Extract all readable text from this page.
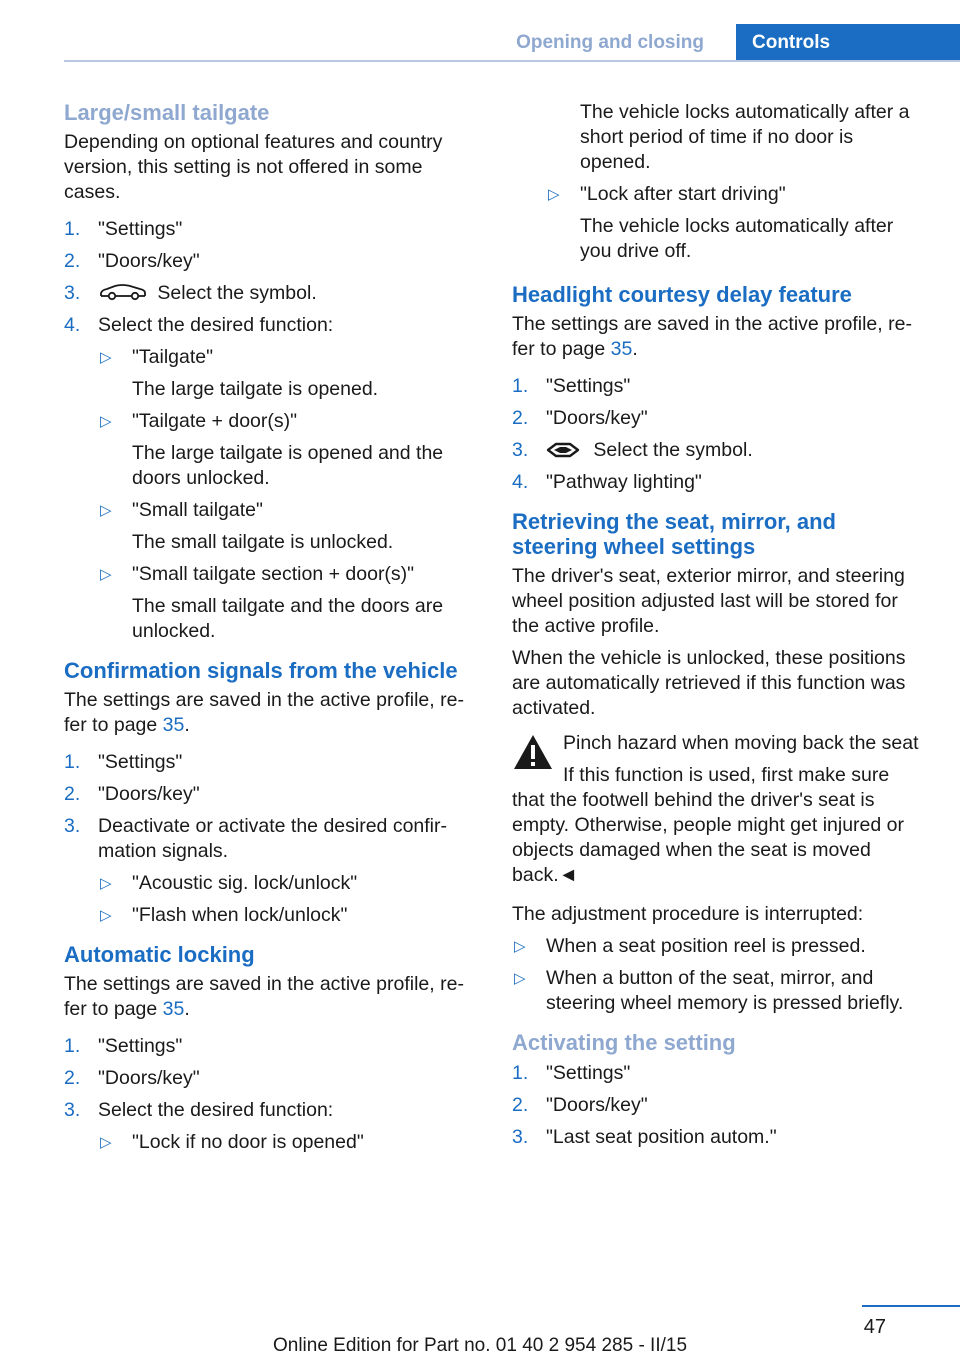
Opening and closing	Controls
Large/small tailgate

Depending on optional features and country version, this setting is not offered in some cases.

1. "Settings"
2. "Doors/key"
3.	Select the symbol.
4. Select the desired function:
▷ "Tailgate"
The large tailgate is opened.
▷ "Tailgate + door(s)"
The large tailgate is opened and the doors unlocked.
▷ "Small tailgate"
The small tailgate is unlocked.
▷ "Small tailgate section + door(s)"
The small tailgate and the doors are unlocked.
Confirmation signals from the vehicle

The settings are saved in the active profile, re‐fer to page 35.

1. "Settings"
2. "Doors/key"
3. Deactivate or activate the desired confir‐mation signals.
▷ "Acoustic sig. lock/unlock"
▷ "Flash when lock/unlock"
Automatic locking

The settings are saved in the active profile, re‐fer to page 35.

1. "Settings"
2. "Doors/key"
3. Select the desired function:
▷ "Lock if no door is opened"
The vehicle locks automatically after a short period of time if no door is opened.
▷ "Lock after start driving"
The vehicle locks automatically after you drive off.
Headlight courtesy delay feature

The settings are saved in the active profile, re‐fer to page 35.

1. "Settings"
2. "Doors/key"
3.	Select the symbol.
4. "Pathway lighting"
Retrieving the seat, mirror, and
steering wheel settings

The driver's seat, exterior mirror, and steering wheel position adjusted last will be stored for the active profile.

When the vehicle is unlocked, these positions are automatically retrieved if this function was activated.

Pinch hazard when moving back the seat
If this function is used, first make sure
that the footwell behind the driver's seat is empty. Otherwise, people might get injured or objects damaged when the seat is moved back.◄

The adjustment procedure is interrupted:

▷ When a seat position reel is pressed.
▷ When a button of the seat, mirror, and steering wheel memory is pressed briefly.
Activating the setting
1. "Settings"
2. "Doors/key"
3. "Last seat position autom."
47
Online Edition for Part no. 01 40 2 954 285 - II/15
